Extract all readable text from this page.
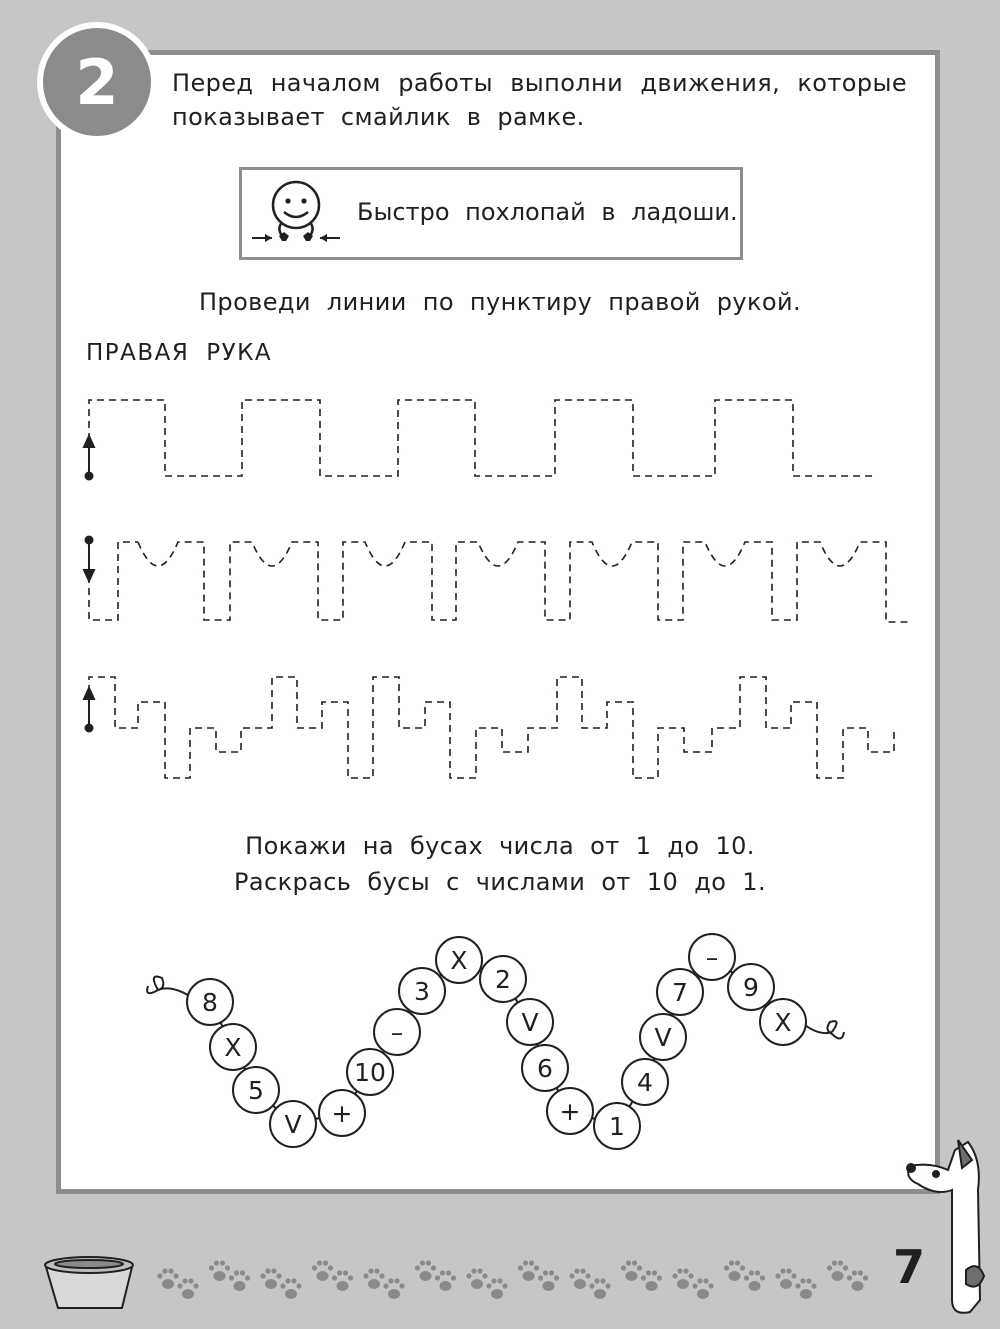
2 Перед началом работы выполни движения, которые
показывает смайлик в рамке.
Быстро похлопай в ладоши.
Проведи линии по пунктиру правой рукой.
ПРАВАЯ РУКА
Покажи на бусах числа от 1 до 10.
Раскрась бусы с числами от 10 до 1.
8
X
5
V +
10
–
3
X
2
V
6
+
1
4
V
7
–
9
X
7
